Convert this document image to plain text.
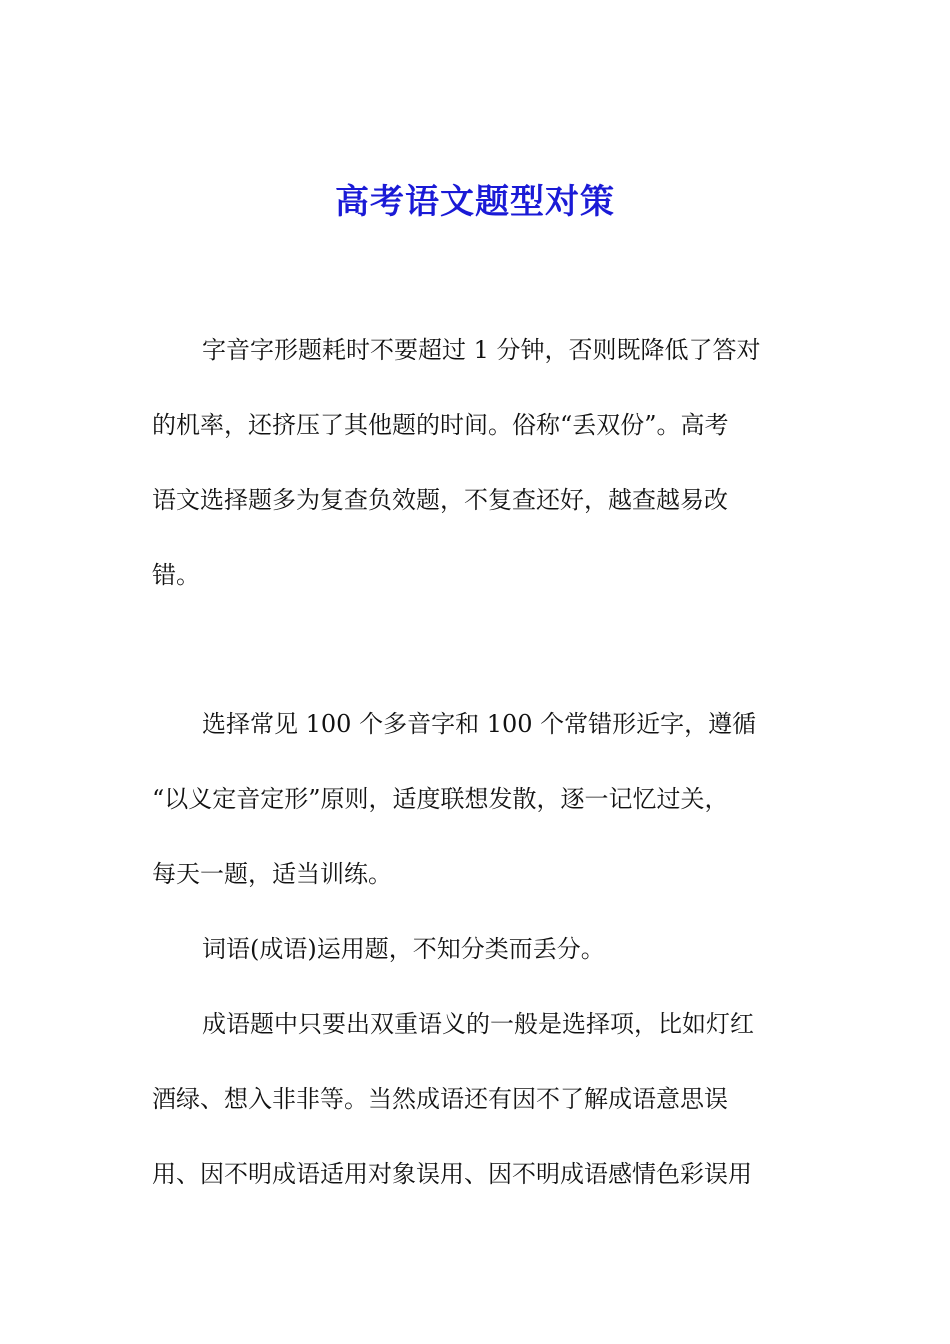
高考语文题型对策
字音字形题耗时不要超过 1 分钟，否则既降低了答对
的机率，还挤压了其他题的时间。俗称“丢双份”。高考
语文选择题多为复查负效题，不复查还好，越查越易改
错。
选择常见 100 个多音字和 100 个常错形近字，遵循
“以义定音定形”原则，适度联想发散，逐一记忆过关，
每天一题，适当训练。
词语(成语)运用题，不知分类而丢分。
成语题中只要出双重语义的一般是选择项，比如灯红
酒绿、想入非非等。当然成语还有因不了解成语意思误
用、因不明成语适用对象误用、因不明成语感情色彩误用
